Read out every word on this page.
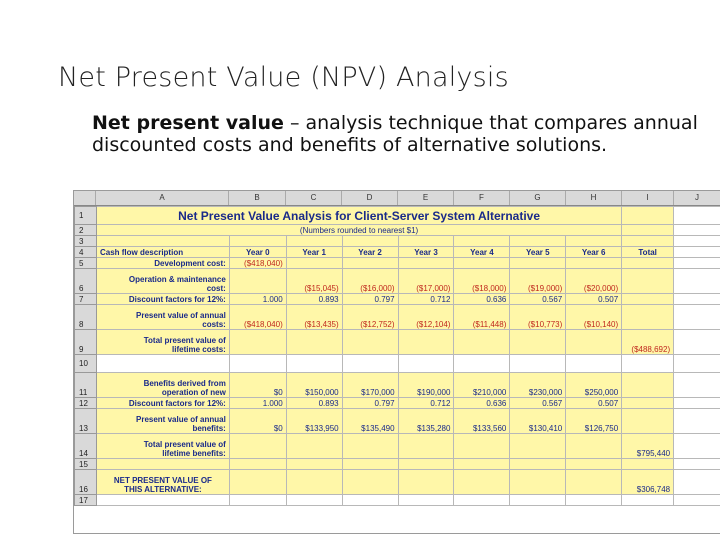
Net Present Value (NPV) Analysis
Net present value – analysis technique that compares annual discounted costs and benefits of alternative solutions.
A	B	C	D	E	F	G	H	I	J
1	Net Present Value Analysis for Client-Server System Alternative									
2	(Numbers rounded to nearest $1)									
3										
4	Cash flow description	Year 0	Year 1	Year 2	Year 3	Year 4	Year 5	Year 6	Total	
5	Development cost:	($418,040)								
6	Operation & maintenance
cost:		($15,045)	($16,000)	($17,000)	($18,000)	($19,000)	($20,000)		
7	Discount factors for 12%:	1.000	0.893	0.797	0.712	0.636	0.567	0.507		
8	Present value of annual
costs:	($418,040)	($13,435)	($12,752)	($12,104)	($11,448)	($10,773)	($10,140)		
9	Total present value of
lifetime costs:								($488,692)	
10										
11	Benefits derived from
operation of new	$0	$150,000	$170,000	$190,000	$210,000	$230,000	$250,000		
12	Discount factors for 12%:	1.000	0.893	0.797	0.712	0.636	0.567	0.507		
13	Present value of annual
benefits:	$0	$133,950	$135,490	$135,280	$133,560	$130,410	$126,750		
14	Total present value of
lifetime benefits:								$795,440	
15										
16	NET PRESENT VALUE OF
THIS ALTERNATIVE:								$306,748	
17										
